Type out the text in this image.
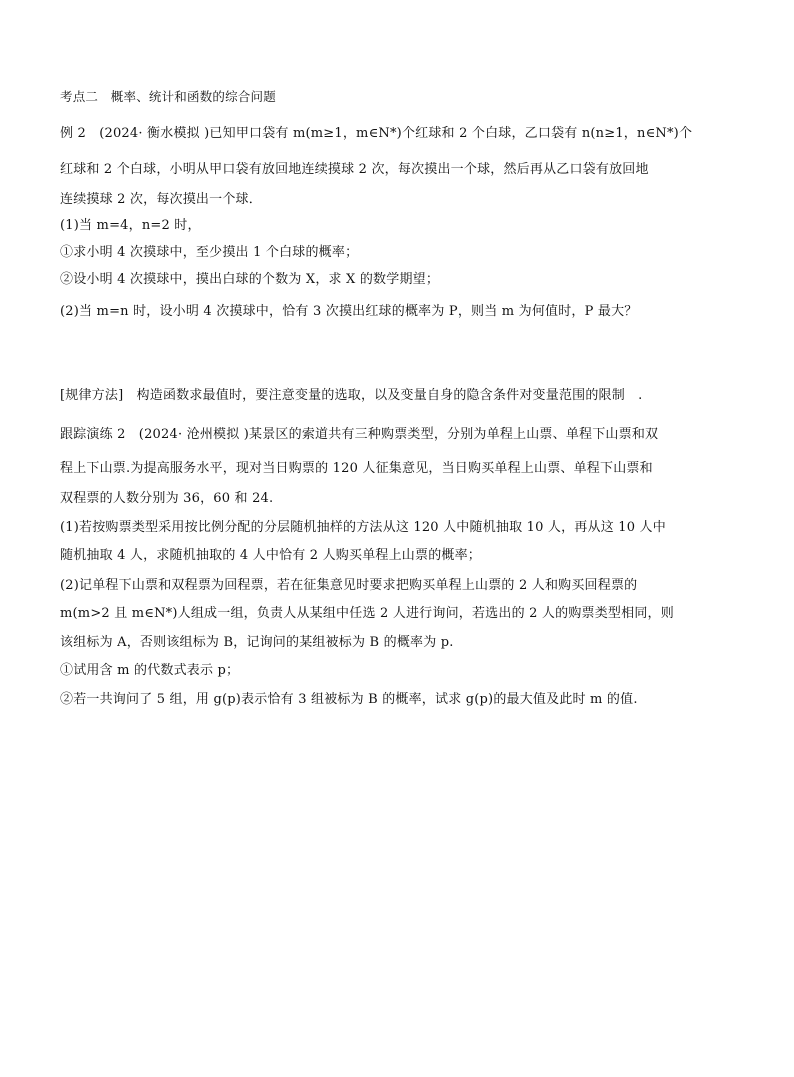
考点二　概率、统计和函数的综合问题
例 2　(2024· 衡水模拟 )已知甲口袋有 m(m≥1，m∈N*)个红球和 2 个白球，乙口袋有 n(n≥1，n∈N*)个
红球和 2 个白球，小明从甲口袋有放回地连续摸球 2 次，每次摸出一个球，然后再从乙口袋有放回地
连续摸球 2 次，每次摸出一个球．
(1)当 m=4，n=2 时，
①求小明 4 次摸球中，至少摸出 1 个白球的概率；
②设小明 4 次摸球中，摸出白球的个数为 X，求 X 的数学期望；
(2)当 m=n 时，设小明 4 次摸球中，恰有 3 次摸出红球的概率为 P，则当 m 为何值时，P 最大？
[规律方法]　构造函数求最值时，要注意变量的选取，以及变量自身的隐含条件对变量范围的限制　.
跟踪演练 2　(2024· 沧州模拟 )某景区的索道共有三种购票类型，分别为单程上山票、单程下山票和双
程上下山票.为提高服务水平，现对当日购票的 120 人征集意见，当日购买单程上山票、单程下山票和
双程票的人数分别为 36，60 和 24.
(1)若按购票类型采用按比例分配的分层随机抽样的方法从这 120 人中随机抽取 10 人，再从这 10 人中
随机抽取 4 人，求随机抽取的 4 人中恰有 2 人购买单程上山票的概率；
(2)记单程下山票和双程票为回程票，若在征集意见时要求把购买单程上山票的 2 人和购买回程票的
m(m>2 且 m∈N*)人组成一组，负责人从某组中任选 2 人进行询问，若选出的 2 人的购票类型相同，则
该组标为 A，否则该组标为 B，记询问的某组被标为 B 的概率为 p.
①试用含 m 的代数式表示 p；
②若一共询问了 5 组，用 g(p)表示恰有 3 组被标为 B 的概率，试求 g(p)的最大值及此时 m 的值.
